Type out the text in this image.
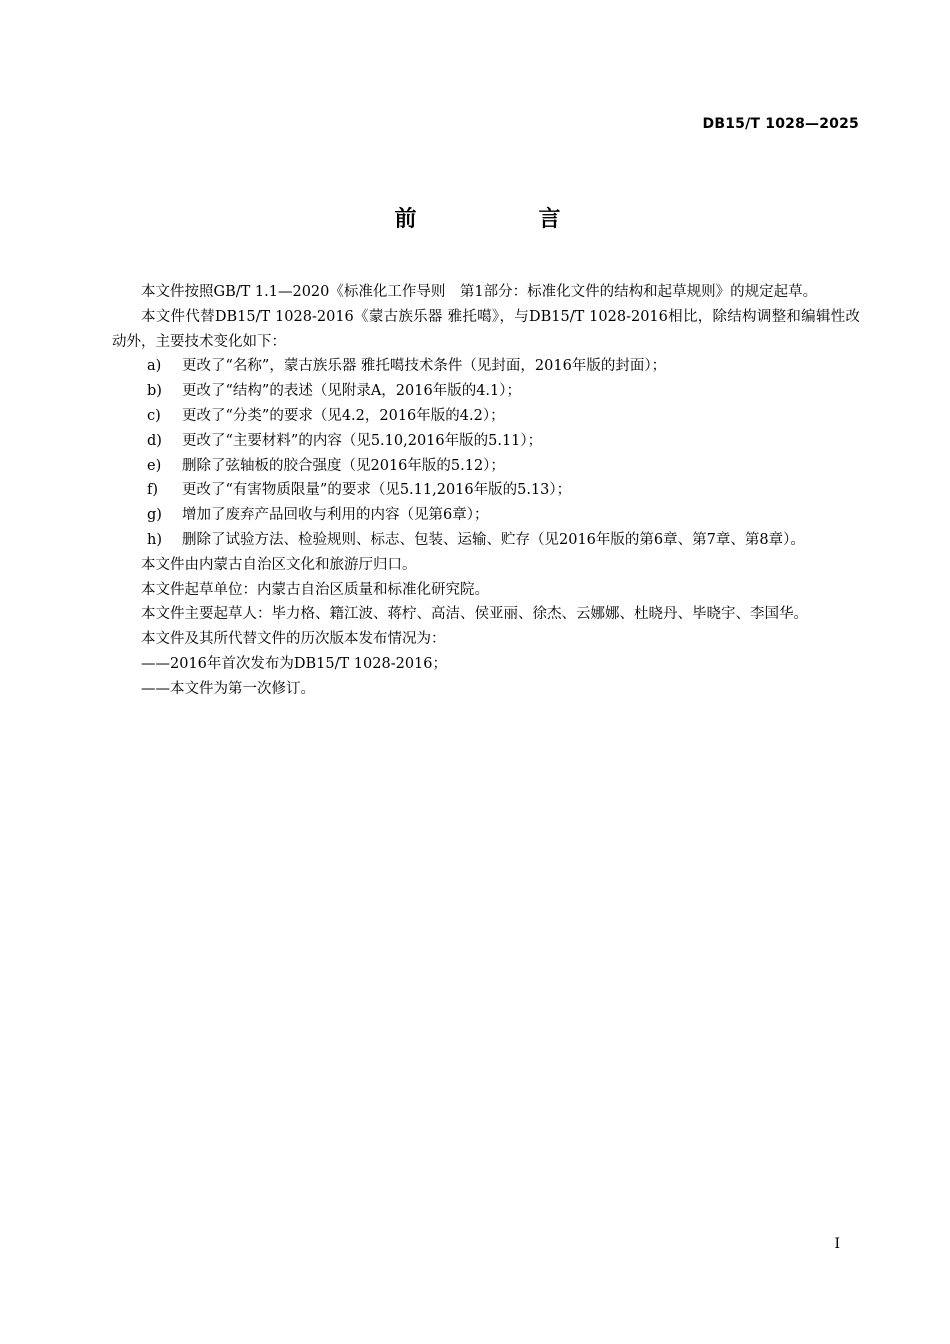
DB15/T 1028—2025
前　言

本文件按照GB/T 1.1—2020《标准化工作导则　第1部分：标准化文件的结构和起草规则》的规定起草。

本文件代替DB15/T 1028-2016《蒙古族乐器 雅托噶》，与DB15/T 1028-2016相比，除结构调整和编辑性改动外，主要技术变化如下：

a) 更改了“名称”，蒙古族乐器 雅托噶技术条件（见封面，2016年版的封面）；

b) 更改了“结构”的表述（见附录A，2016年版的4.1）；

c) 更改了“分类”的要求（见4.2，2016年版的4.2）；

d) 更改了“主要材料”的内容（见5.10,2016年版的5.11）；

e) 删除了弦轴板的胶合强度（见2016年版的5.12）；

f) 更改了“有害物质限量”的要求（见5.11,2016年版的5.13）；

g) 增加了废弃产品回收与利用的内容（见第6章）；

h) 删除了试验方法、检验规则、标志、包装、运输、贮存（见2016年版的第6章、第7章、第8章）。

本文件由内蒙古自治区文化和旅游厅归口。

本文件起草单位：内蒙古自治区质量和标准化研究院。

本文件主要起草人：毕力格、籍江波、蒋柠、高洁、侯亚丽、徐杰、云娜娜、杜晓丹、毕晓宇、李国华。

本文件及其所代替文件的历次版本发布情况为：

——2016年首次发布为DB15/T 1028-2016；

——本文件为第一次修订。

I
